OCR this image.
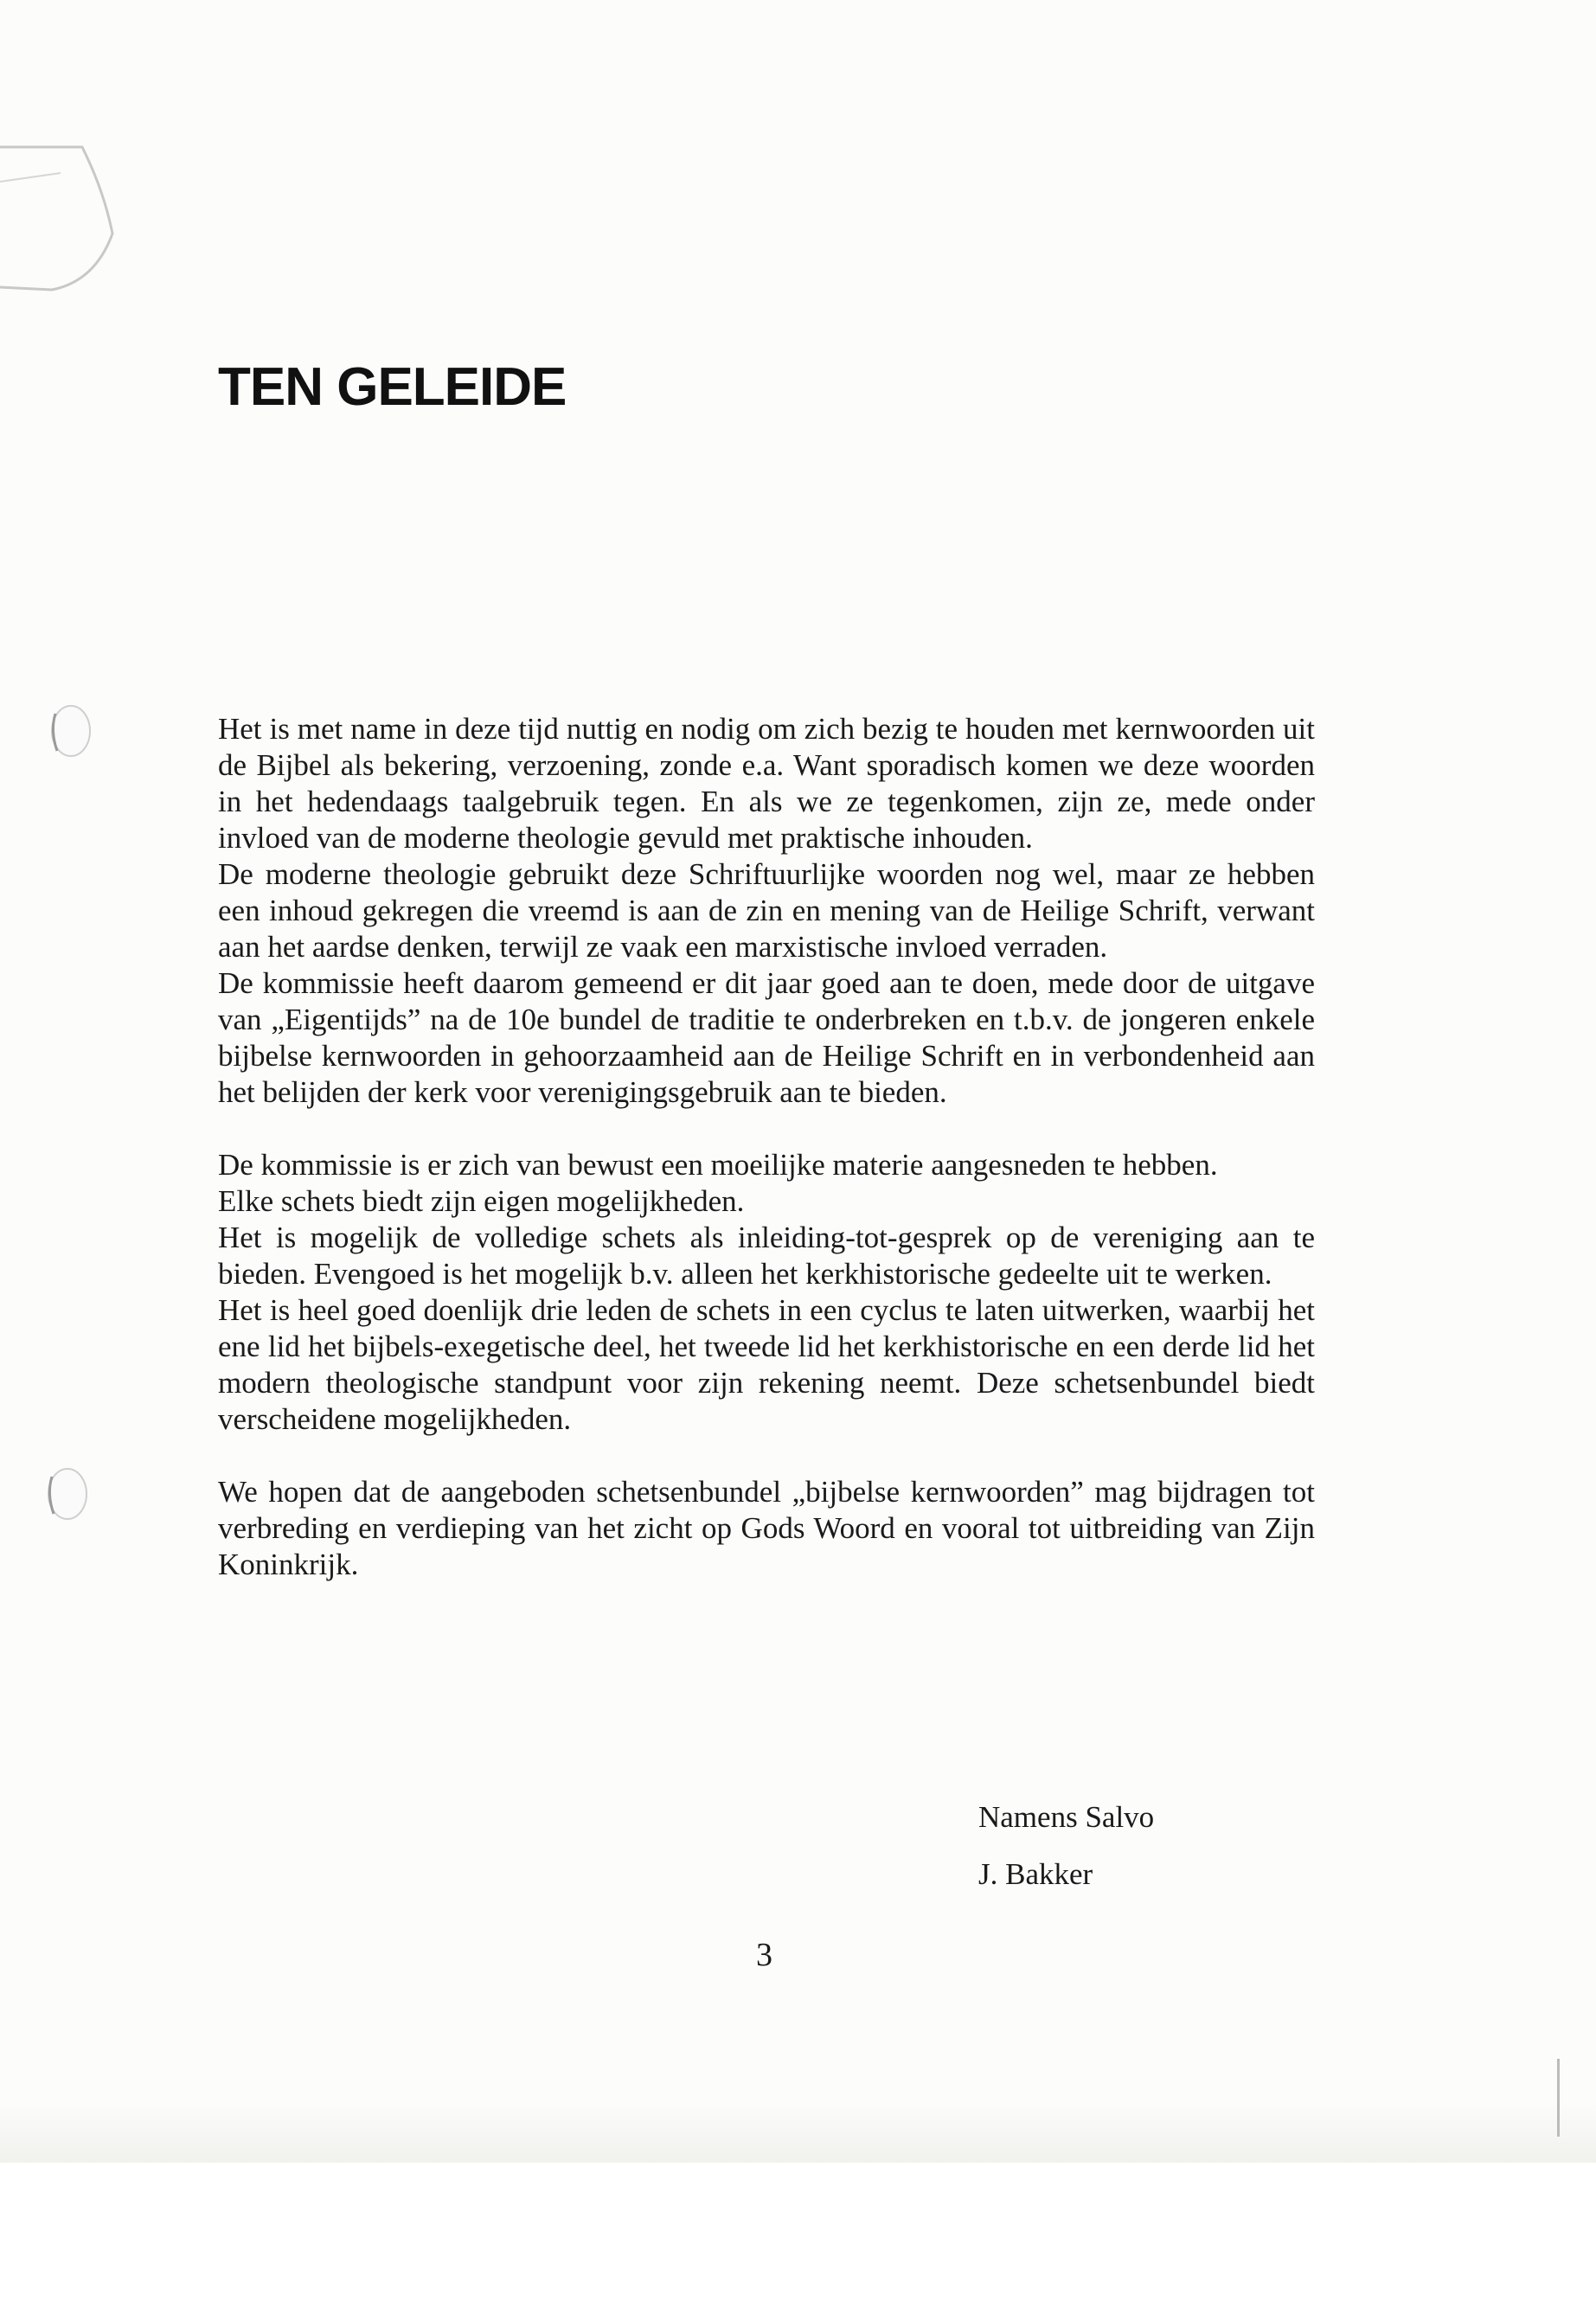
TEN GELEIDE

Het is met name in deze tijd nuttig en nodig om zich bezig te houden met kernwoorden uit de Bijbel als bekering, verzoening, zonde e.a. Want sporadisch komen we deze woorden in het hedendaags taalgebruik tegen. En als we ze tegenkomen, zijn ze, mede onder invloed van de moderne theologie gevuld met praktische inhouden.

De moderne theologie gebruikt deze Schriftuurlijke woorden nog wel, maar ze hebben een inhoud gekregen die vreemd is aan de zin en mening van de Heilige Schrift, verwant aan het aardse denken, terwijl ze vaak een marxistische invloed verraden.

De kommissie heeft daarom gemeend er dit jaar goed aan te doen, mede door de uitgave van „Eigentijds” na de 10e bundel de traditie te onderbreken en t.b.v. de jongeren enkele bijbelse kernwoorden in gehoorzaamheid aan de Heilige Schrift en in verbondenheid aan het belijden der kerk voor verenigingsgebruik aan te bieden.

De kommissie is er zich van bewust een moeilijke materie aangesneden te hebben.

Elke schets biedt zijn eigen mogelijkheden.

Het is mogelijk de volledige schets als inleiding-tot-gesprek op de vereniging aan te bieden. Evengoed is het mogelijk b.v. alleen het kerkhistorische gedeelte uit te werken.

Het is heel goed doenlijk drie leden de schets in een cyclus te laten uitwerken, waarbij het ene lid het bijbels-exegetische deel, het tweede lid het kerkhistorische en een derde lid het modern theologische standpunt voor zijn rekening neemt. Deze schetsenbundel biedt verscheidene mogelijkheden.

We hopen dat de aangeboden schetsenbundel „bijbelse kernwoorden” mag bijdragen tot verbreding en verdieping van het zicht op Gods Woord en vooral tot uitbreiding van Zijn Koninkrijk.

Namens Salvo
J. Bakker
3
